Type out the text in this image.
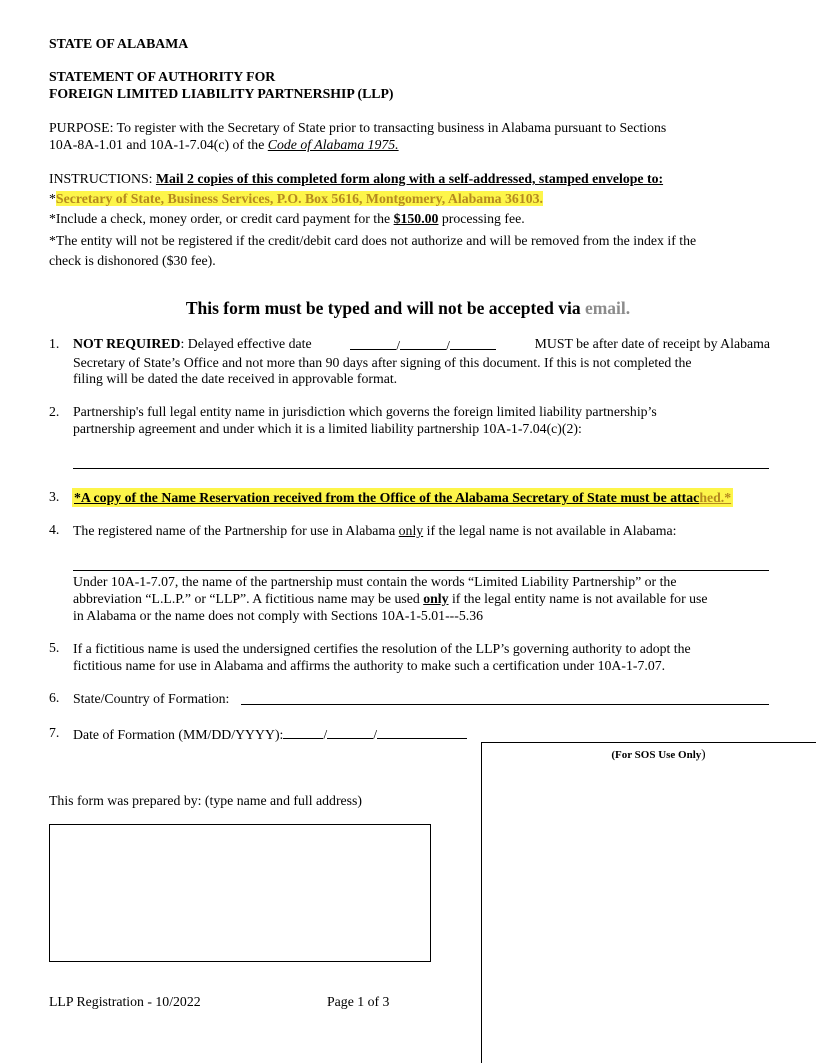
STATE OF ALABAMA
STATEMENT OF AUTHORITY FOR
FOREIGN LIMITED LIABILITY PARTNERSHIP (LLP)
PURPOSE: To register with the Secretary of State prior to transacting business in Alabama pursuant to Sections
10A-8A-1.01 and 10A-1-7.04(c) of the Code of Alabama 1975.
INSTRUCTIONS: Mail 2 copies of this completed form along with a self-addressed, stamped envelope to:
*Secretary of State, Business Services, P.O. Box 5616, Montgomery, Alabama 36103.
*Include a check, money order, or credit card payment for the $150.00 processing fee.
*The entity will not be registered if the credit/debit card does not authorize and will be removed from the index if the
check is dishonored ($30 fee).
This form must be typed and will not be accepted via email.
1. NOT REQUIRED: Delayed effective date	/	/	MUST be after date of receipt by Alabama
Secretary of State’s Office and not more than 90 days after signing of this document. If this is not completed the
filing will be dated the date received in approvable format.
2. Partnership's full legal entity name in jurisdiction which governs the foreign limited liability partnership’s
partnership agreement and under which it is a limited liability partnership 10A-1-7.04(c)(2):
3. *A copy of the Name Reservation received from the Office of the Alabama Secretary of State must be attached.*
4. The registered name of the Partnership for use in Alabama only if the legal name is not available in Alabama:
Under 10A-1-7.07, the name of the partnership must contain the words “Limited Liability Partnership” or the
abbreviation “L.L.P.” or “LLP”. A fictitious name may be used only if the legal entity name is not available for use
in Alabama or the name does not comply with Sections 10A-1-5.01---5.36
5. If a fictitious name is used the undersigned certifies the resolution of the LLP’s governing authority to adopt the
fictitious name for use in Alabama and affirms the authority to make such a certification under 10A-1-7.07.
6. State/Country of Formation:
7. Date of Formation (MM/DD/YYYY):	/	/
(For SOS Use Only)
This form was prepared by: (type name and full address)
LLP Registration - 10/2022	Page 1 of 3
